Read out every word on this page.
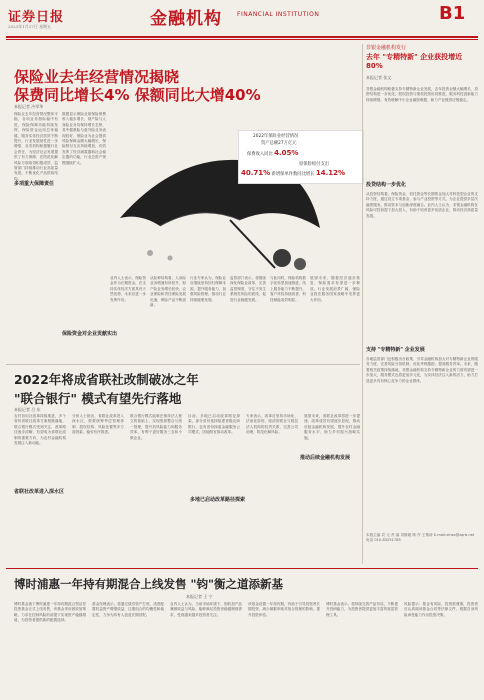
证券日报
2023年1月27日 星期五	金融机构	FINANCIAL INSTITUTION	B1
保险业去年经营情况揭晓
保费同比增长4% 保额同比大增40%
本报记者 冷翠华
保险业去年经营情况整体平稳，各项业务指标稳中有进，保险保障功能持续发挥，保险资金运用总体稳健，服务实体经济质效不断提升，行业发展韧性进一步增强，各类机构积极履行社会责任，为经济社会发展提供了有力保障，在防范化解风险方面取得积极成效，监管部门持续推动行业高质量发展，不断优化产品供给结构。
多项重大保障责任
数据显示保险业原保险保费收入稳步增长，财产险与人身险业务均保持增长态势，其中健康险与意外险业务表现较好，保险业为社会提供风险保障金额大幅增长，保险赔付支出持续增加，有效发挥了经济减震器和社会稳定器的功能，行业总资产规模继续扩大。
保险资金对企业贡献实出
2022年保险业经营情况
资产总额27万亿元
保费收入同比 4.05%
原保险赔付支出
40.71% 新增保单件数同比增长 14.12%
业内人士表示，保险资金作为长期资金，在支持实体经济方面具有天然优势，未来应进一步发挥作用。
从险种结构看，人身险业务增速有所回升，财产险业务增长较快，农业保险和责任保险发展迅速，保险产品不断创新。
行业专家认为，保险业应继续坚持回归保障本源，提升服务能力，加强风险管理，推动行业持续健康发展。
监管部门表示，将继续深化保险业改革，完善监管制度，守住不发生系统性风险的底线，促进行业稳健发展。
与此同时，保险机构数字化转型加速推进，线上服务能力不断提升，客户体验持续改善，科技赋能成效明显。
展望未来，随着经济逐步恢复，保险需求有望进一步释放，行业发展前景广阔，保险业将在服务国家战略中发挥更大作用。
非银金融机构发行
去年 "专精特新" 企业获投增近80%
本报记者 张文
非银金融机构积极支持专精特新企业发展，去年投资金额大幅增长，投资结构进一步优化，股权投资与债权投资协同推进，服务科技创新能力持续增强，有效缓解中小企业融资难题，助力产业链供应链稳定。
投贷结构一步优化
从投资结构看，保险资金、信托资金等长期资金加大对科技型企业的支持力度，通过设立专项基金、参与产业投资等方式，为企业提供多层次融资服务，推动资本与创新深度融合。业内人士认为，非银金融机构在风险可控前提下加大投入，有助于培育更多优质企业，推动经济高质量发展。
支持 "专精特新" 企业发展
各地监管部门也积极出台政策，引导金融机构加大对专精特新企业的服务力度，完善风险分担机制，优化考核激励，提高服务效率。未来，随着相关政策持续落地，非银金融机构支持专精特新企业的力度有望进一步加大，服务模式也将更加多元化，为实体经济注入新的活力，助力打造更多具有核心竞争力的企业群体。
本版主编 袁 元 责 编 刘斯媛 制 作 王敬涛 E-mail:zmzx@zqrb.net 电话 010-83251785
2022年将成省联社改制破冰之年
"联合银行" 模式有望先行落地
本报记者 吕 东
农村信用社改革持续推进，多个省份省联社改革方案相继落地，联合银行模式受到关注，改革路径逐步清晰，有望成为省联社改制的重要方向，为农村金融机构发展注入新动能。
省联社改革进入深水区
分析人士指出，省联社改革进入深水区，需要统筹考虑管理体制、股权结构、风险处置等多方面因素，稳妥有序推进。
联合银行模式能够在保持法人独立的基础上，实现资源整合与统一管理，提升抗风险能力和服务效率，有利于更好服务三农和小微企业。
多地已启动改革路径探索
目前，多地已启动改革路径探索，部分省份选择组建省级农商银行，也有省份探索金融服务公司模式，因地制宜推动改革。
专家表示，改革应坚持市场化、法治化原则，厘清省联社与基层法人机构的权责关系，完善公司治理，防范化解风险。
推动后续金融机构发展
展望未来，省联社改革将进一步提速，改革成效有望逐步显现，推动后续金融机构发展，提升农村金融服务水平，助力乡村振兴战略实施。
博时浦惠一年持有期混合上线发售 "钧"衡之道添新基
本报记者 王 宁
博时基金旗下博时浦惠一年持有期混合型证券投资基金正式上线发售，该基金采用固收加策略，力求在控制风险的前提下实现资产稳健增值，为投资者提供新的配置选择。
基金经理表示，将通过债券资产打底，适度配置权益资产增强收益，注重组合的均衡性和稳定性，力争为持有人创造长期回报。
业内人士认为，当前市场环境下，固收加产品兼顾收益与风险，能够满足投资者稳健理财需求，受到越来越多投资者关注。
该基金设置一年持有期，有助于引导投资者长期投资，减少频繁申赎对组合管理的影响，提升投资体验。
博时基金表示，将持续完善产品布局，不断提升投研能力，为投资者提供更加丰富的财富管理工具。
风险提示：基金有风险，投资需谨慎，投资者应认真阅读基金合同等法律文件，根据自身风险承受能力作出投资决策。
